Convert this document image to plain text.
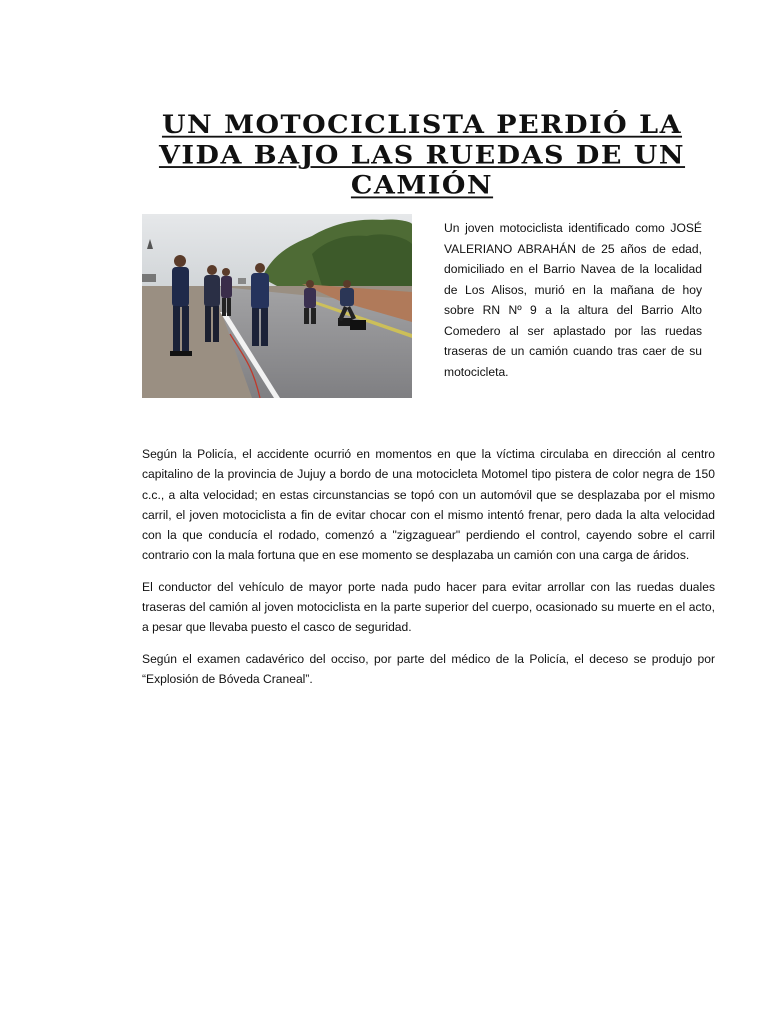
UN MOTOCICLISTA PERDIÓ LA VIDA BAJO LAS RUEDAS DE UN CAMIÓN

Un joven motociclista identificado como JOSÉ VALERIANO ABRAHÁN de 25 años de edad, domiciliado en el Barrio Navea de la localidad de Los Alisos, murió en la mañana de hoy sobre RN Nº 9 a la altura del Barrio Alto Comedero al ser aplastado por las ruedas traseras de un camión cuando tras caer de su motocicleta.

Según la Policía, el accidente ocurrió en momentos en que la víctima circulaba en dirección al centro capitalino de la provincia de Jujuy a bordo de una motocicleta Motomel tipo pistera de color negra de 150 c.c., a alta velocidad; en estas circunstancias se topó con un automóvil que se desplazaba por el mismo carril, el joven motociclista a fin de evitar chocar con el mismo intentó frenar, pero dada la alta velocidad con la que conducía el rodado, comenzó a "zigzaguear" perdiendo el control, cayendo sobre el carril contrario con la mala fortuna que en ese momento se desplazaba un camión con una carga de áridos.

El conductor del vehículo de mayor porte nada pudo hacer para evitar arrollar con las ruedas duales traseras del camión al joven motociclista en la parte superior del cuerpo, ocasionado su muerte en el acto, a pesar que llevaba puesto el casco de seguridad.

Según el examen cadavérico del occiso, por parte del médico de la Policía, el deceso se produjo por “Explosión de Bóveda Craneal”.
